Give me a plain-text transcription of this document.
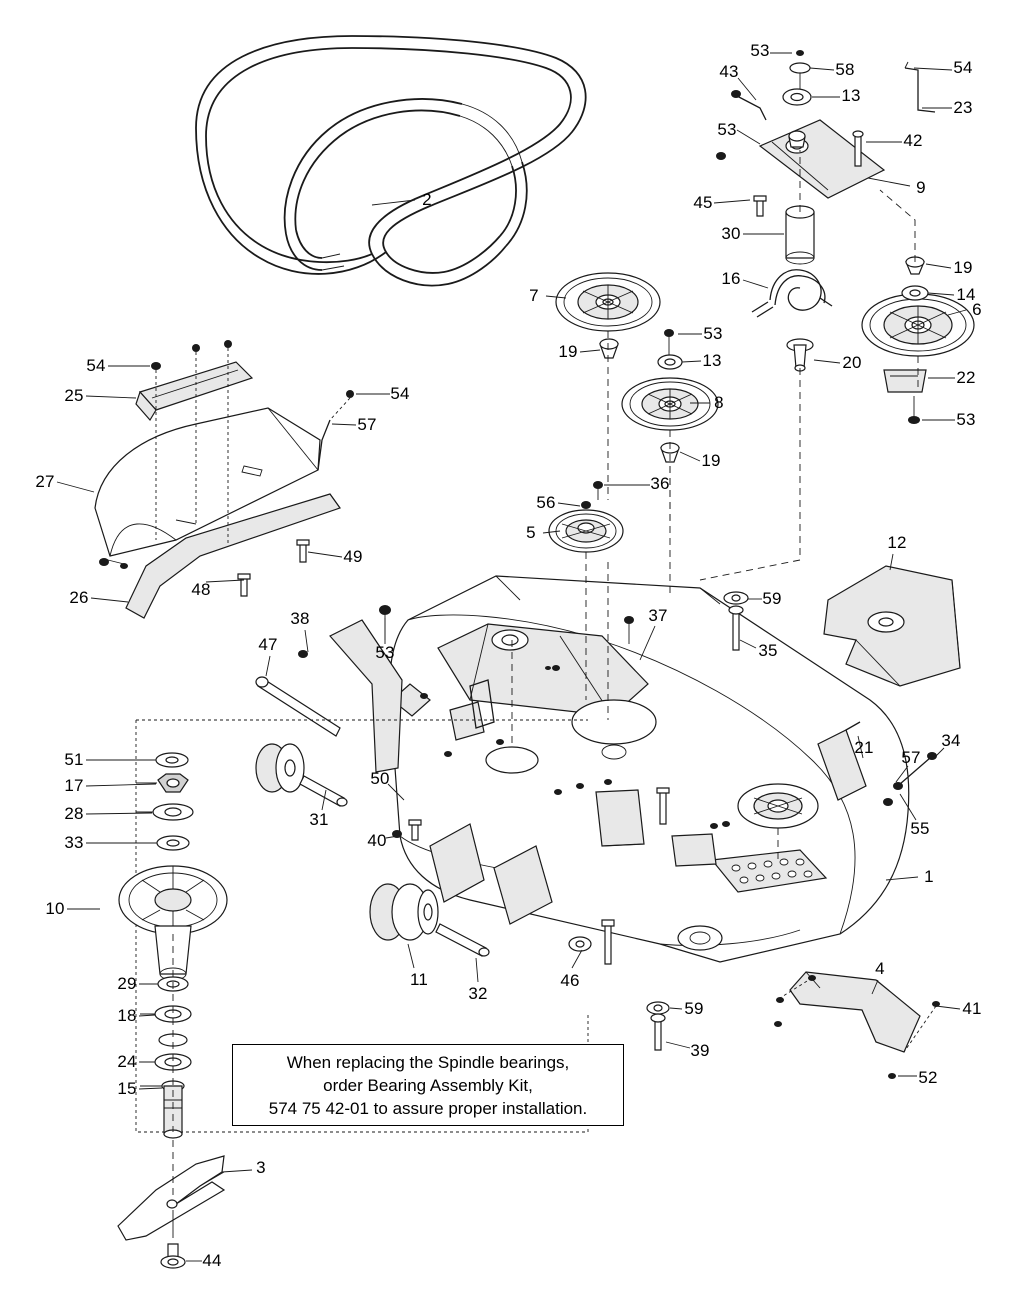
2
43
53
58	54
13
23
53
42
9
45
30
16
19
14
7
6
53
19	13	20
22
8
53
54
25	54
57
27
19
36
56
5
49
26	48
12
38
47	53
37
59
35
21
57
34
55
51
17
28
33
31
50
40
10
1
29
18
24
15
11
32
46
59
39
4
41
52
3
44
When replacing the Spindle bearings,
order Bearing Assembly Kit,
574 75 42-01 to assure proper installation.
